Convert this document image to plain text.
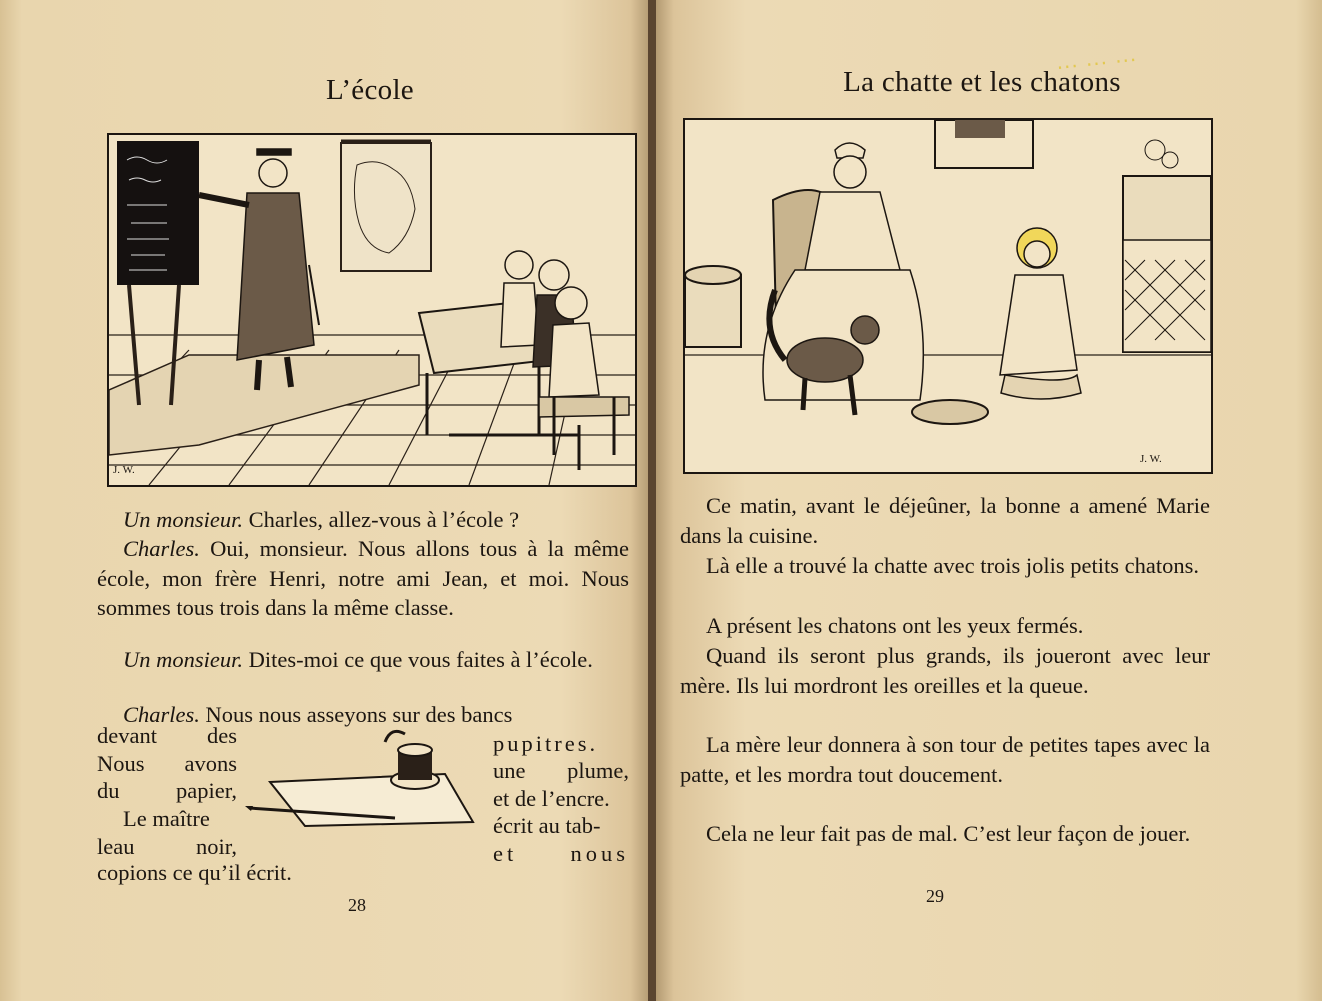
L’école
J. W.

Un monsieur. Charles, allez-vous à l’école ?

Charles. Oui, monsieur. Nous allons tous à la même école, mon frère Henri, notre ami Jean, et moi. Nous sommes tous trois dans la même classe.

Un monsieur. Dites-moi ce que vous faites à l’école.

Charles. Nous nous asseyons sur des bancs

devant des
Nous avons
du	papier,
Le maître
leau	noir,
pupitres.
une plume,
et de l’encre.
écrit au tab-
et nous
copions ce qu’il écrit.
28
La chatte et les chatons
... ... ...
J. W.

Ce matin, avant le déjeûner, la bonne a amené Marie dans la cuisine.

Là elle a trouvé la chatte avec trois jolis petits chatons.

A présent les chatons ont les yeux fermés.

Quand ils seront plus grands, ils joueront avec leur mère. Ils lui mordront les oreilles et la queue.

La mère leur donnera à son tour de petites tapes avec la patte, et les mordra tout doucement.

Cela ne leur fait pas de mal. C’est leur façon de jouer.

29
